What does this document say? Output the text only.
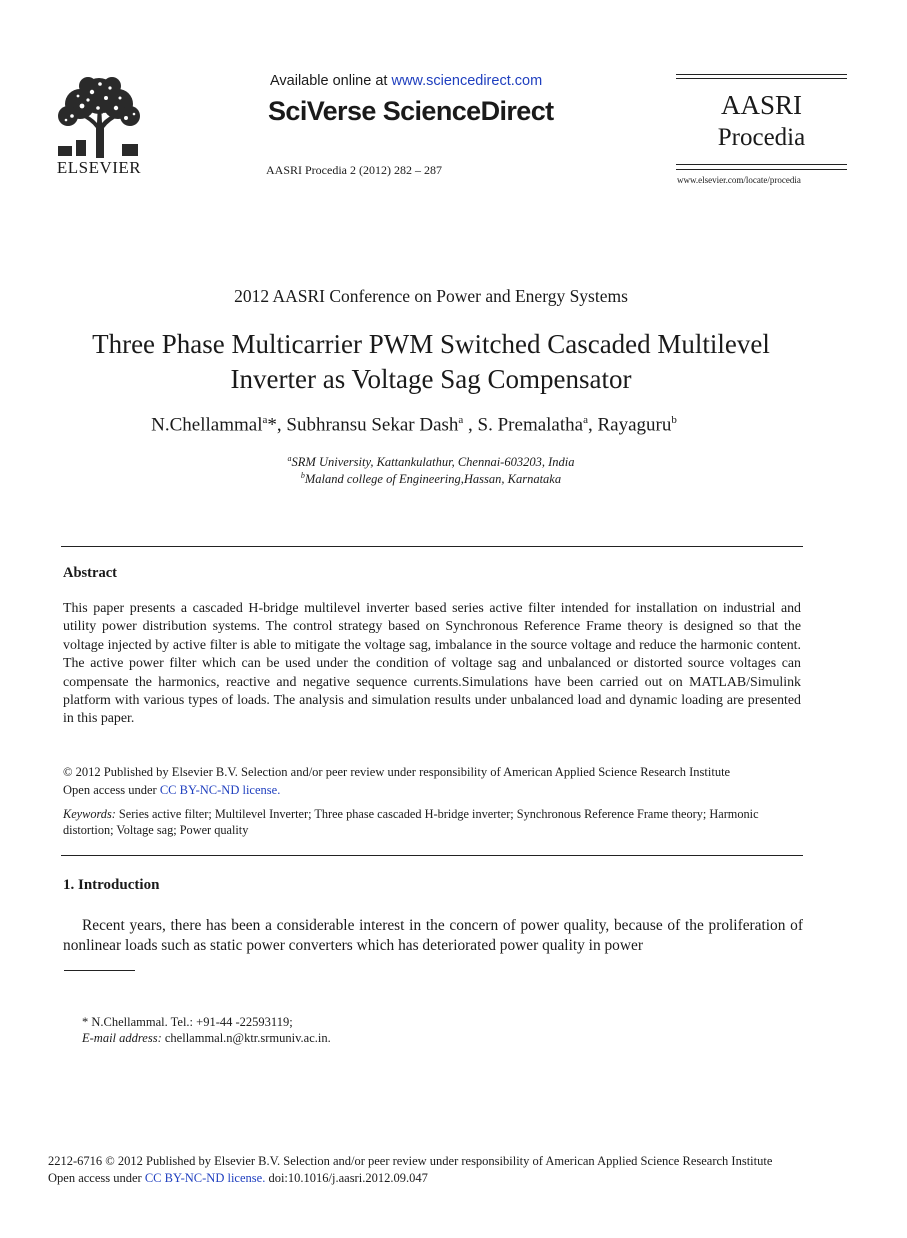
ELSEVIER
Available online at www.sciencedirect.com
SciVerse ScienceDirect
AASRI Procedia 2 (2012) 282 – 287
AASRI
Procedia
www.elsevier.com/locate/procedia
2012 AASRI Conference on Power and Energy Systems
Three Phase Multicarrier PWM Switched Cascaded Multilevel
Inverter as Voltage Sag Compensator
N.Chellammal$^a$*, Subhransu Sekar Dash$^a$ , S. Premalatha$^a$, Rayaguru$^b$
$^a$SRM University, Kattankulathur, Chennai-603203, India
$^b$Maland college of Engineering,Hassan, Karnataka
Abstract
This paper presents a cascaded H-bridge multilevel inverter based series active filter intended for installation on industrial and utility power distribution systems. The control strategy based on Synchronous Reference Frame theory is designed so that the voltage injected by active filter is able to mitigate the voltage sag, imbalance in the source voltage and reduce the harmonic content. The active power filter which can be used under the condition of voltage sag and unbalanced or distorted source voltages can compensate the harmonics, reactive and negative sequence currents.Simulations have been carried out on MATLAB/Simulink platform with various types of loads. The analysis and simulation results under unbalanced load and dynamic loading are presented in this paper.
© 2012 Published by Elsevier B.V. Selection and/or peer review under responsibility of American Applied Science Research Institute
Open access under CC BY-NC-ND license.
Keywords: Series active filter; Multilevel Inverter; Three phase cascaded H-bridge inverter; Synchronous Reference Frame theory; Harmonic distortion; Voltage sag; Power quality
1. Introduction
Recent years, there has been a considerable interest in the concern of power quality, because of the proliferation of nonlinear loads such as static power converters which has deteriorated power quality in power
* N.Chellammal. Tel.: +91-44 -22593119;
E-mail address: chellammal.n@ktr.srmuniv.ac.in.
2212-6716 © 2012 Published by Elsevier B.V. Selection and/or peer review under responsibility of American Applied Science Research Institute
Open access under CC BY-NC-ND license. doi:10.1016/j.aasri.2012.09.047
